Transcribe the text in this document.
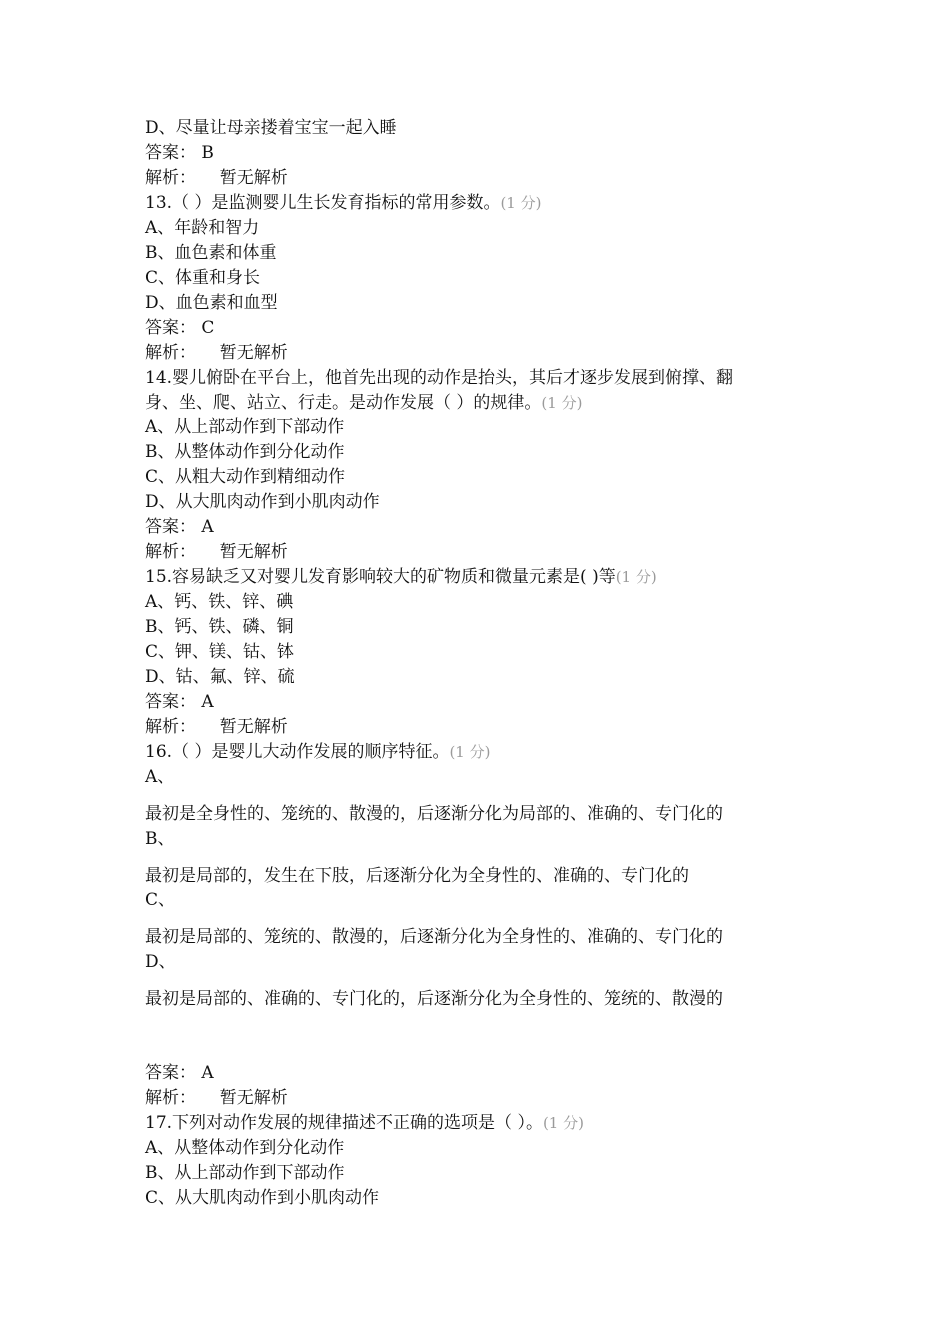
D、尽量让母亲搂着宝宝一起入睡
答案： B
解析： 暂无解析
13.（ ）是监测婴儿生长发育指标的常用参数。(1 分)
A、年龄和智力
B、血色素和体重
C、体重和身长
D、血色素和血型
答案： C
解析： 暂无解析
14.婴儿俯卧在平台上，他首先出现的动作是抬头，其后才逐步发展到俯撑、翻
身、坐、爬、站立、行走。是动作发展（ ）的规律。(1 分)
A、从上部动作到下部动作
B、从整体动作到分化动作
C、从粗大动作到精细动作
D、从大肌肉动作到小肌肉动作
答案： A
解析： 暂无解析
15.容易缺乏又对婴儿发育影响较大的矿物质和微量元素是( )等(1 分)
A、钙、铁、锌、碘
B、钙、铁、磷、铜
C、钾、镁、钴、钵
D、钴、氟、锌、硫
答案： A
解析： 暂无解析
16.（ ）是婴儿大动作发展的顺序特征。(1 分)
A、
最初是全身性的、笼统的、散漫的，后逐渐分化为局部的、准确的、专门化的
B、
最初是局部的，发生在下肢，后逐渐分化为全身性的、准确的、专门化的
C、
最初是局部的、笼统的、散漫的，后逐渐分化为全身性的、准确的、专门化的
D、
最初是局部的、准确的、专门化的，后逐渐分化为全身性的、笼统的、散漫的
答案： A
解析： 暂无解析
17.下列对动作发展的规律描述不正确的选项是（ ）。(1 分)
A、从整体动作到分化动作
B、从上部动作到下部动作
C、从大肌肉动作到小肌肉动作
